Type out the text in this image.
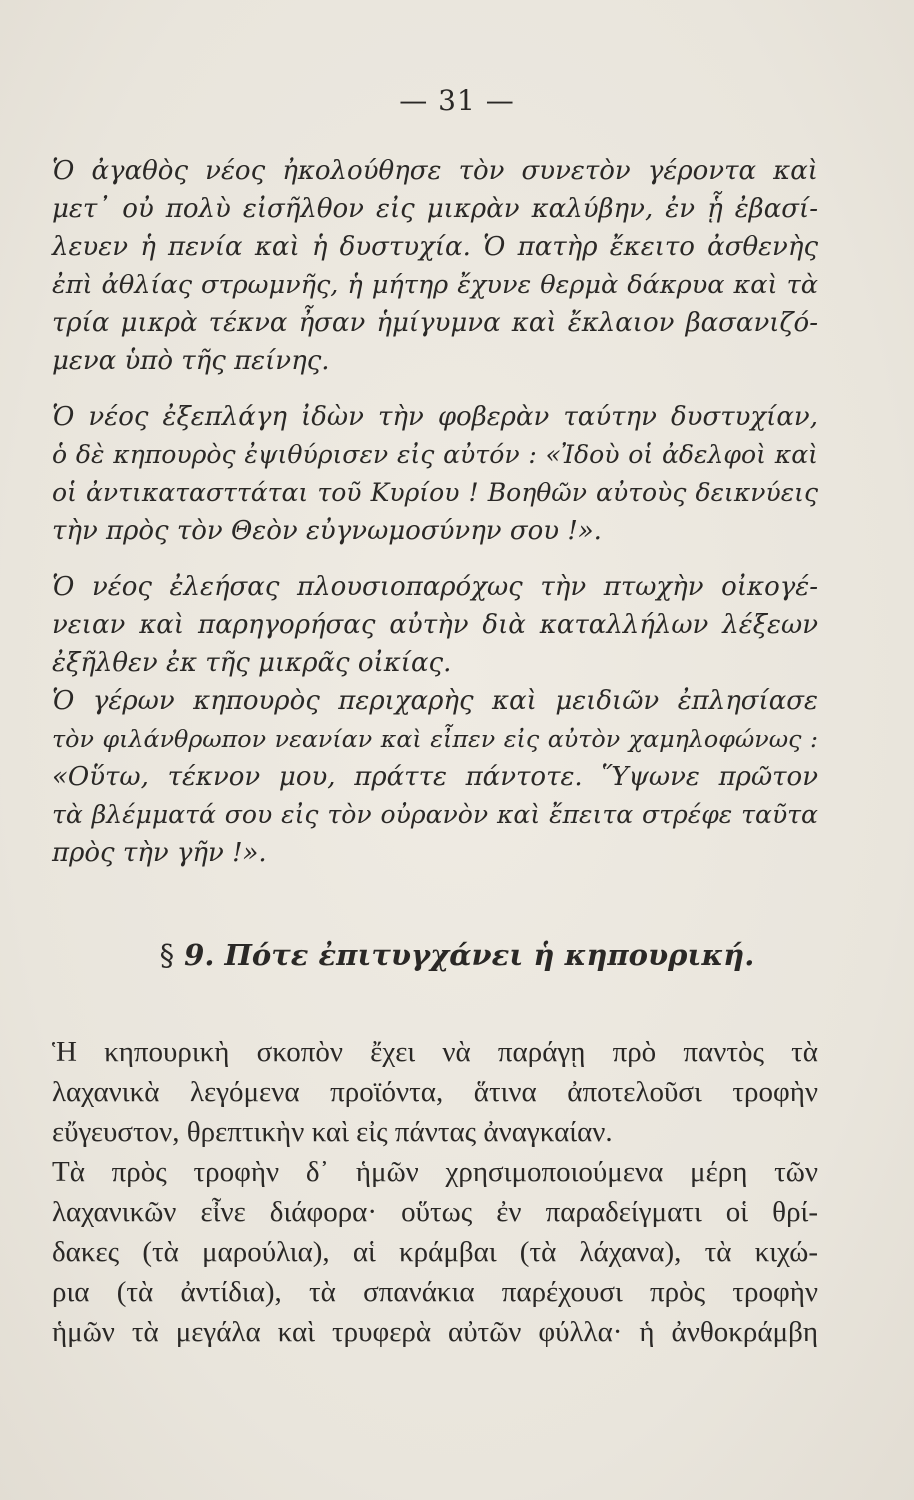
— 31 —
Ὁ ἀγαθὸς νέος ἠκολούθησε τὸν συνετὸν γέροντα καὶ
μετ᾽ οὐ πολὺ εἰσῆλθον εἰς μικρὰν καλύβην, ἐν ᾗ ἐβασί-
λευεν ἡ πενία καὶ ἡ δυστυχία. Ὁ πατὴρ ἔκειτο ἀσθενὴς
ἐπὶ ἀθλίας στρωμνῆς, ἡ μήτηρ ἔχυνε θερμὰ δάκρυα καὶ τὰ
τρία μικρὰ τέκνα ἦσαν ἡμίγυμνα καὶ ἔκλαιον βασανιζό-
μενα ὑπὸ τῆς πείνης.
Ὁ νέος ἐξεπλάγη ἰδὼν τὴν φοβερὰν ταύτην δυστυχίαν,
ὁ δὲ κηπουρὸς ἐψιθύρισεν εἰς αὐτόν : «Ἰδοὺ οἱ ἀδελφοὶ καὶ
οἱ ἀντικατασττάται τοῦ Κυρίου ! Βοηθῶν αὐτοὺς δεικνύεις
τὴν πρὸς τὸν Θεὸν εὐγνωμοσύνην σου !».
Ὁ νέος ἐλεήσας πλουσιοπαρόχως τὴν πτωχὴν οἰκογέ-
νειαν καὶ παρηγορήσας αὐτὴν διὰ καταλλήλων λέξεων
ἐξῆλθεν ἐκ τῆς μικρᾶς οἰκίας.
Ὁ γέρων κηπουρὸς περιχαρὴς καὶ μειδιῶν ἐπλησίασε
τὸν φιλάνθρωπον νεανίαν καὶ εἶπεν εἰς αὐτὸν χαμηλοφώνως :
«Οὕτω, τέκνον μου, πράττε πάντοτε. Ὕψωνε πρῶτον
τὰ βλέμματά σου εἰς τὸν οὐρανὸν καὶ ἔπειτα στρέφε ταῦτα
πρὸς τὴν γῆν !».
§ 9. Πότε ἐπιτυγχάνει ἡ κηπουρική.
Ἡ κηπουρικὴ σκοπὸν ἔχει νὰ παράγῃ πρὸ παντὸς τὰ
λαχανικὰ λεγόμενα προϊόντα, ἅτινα ἀποτελοῦσι τροφὴν
εὔγευστον, θρεπτικὴν καὶ εἰς πάντας ἀναγκαίαν.
Τὰ πρὸς τροφὴν δ᾽ ἡμῶν χρησιμοποιούμενα μέρη τῶν
λαχανικῶν εἶνε διάφορα· οὕτως ἐν παραδείγματι οἱ θρί-
δακες (τὰ μαρούλια), αἱ κράμβαι (τὰ λάχανα), τὰ κιχώ-
ρια (τὰ ἀντίδια), τὰ σπανάκια παρέχουσι πρὸς τροφὴν
ἡμῶν τὰ μεγάλα καὶ τρυφερὰ αὐτῶν φύλλα· ἡ ἀνθοκράμβη
